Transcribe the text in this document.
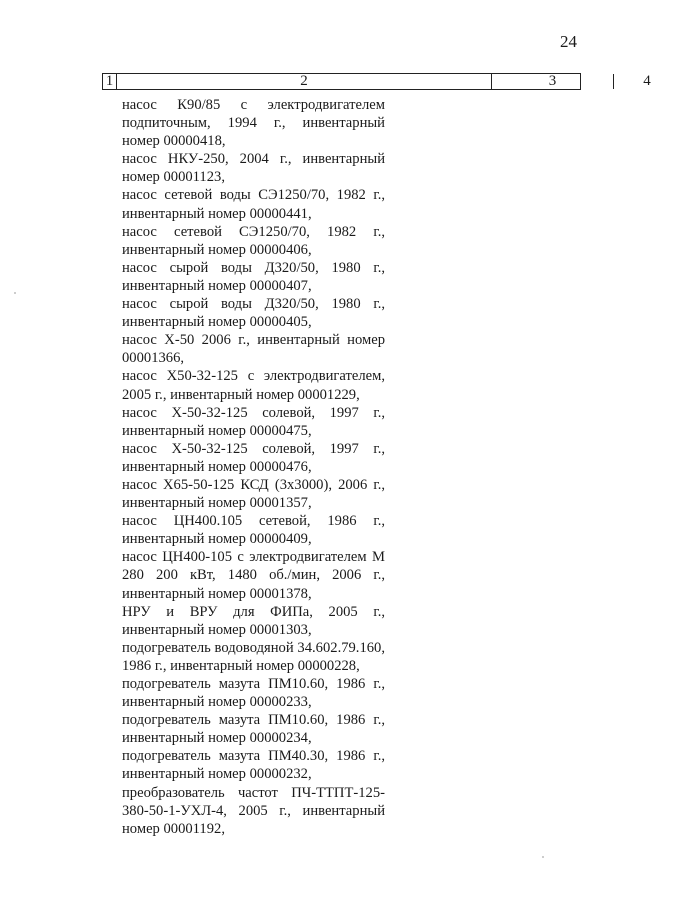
24
1	2	3	4
насос К90/85 с электродвигателем подпиточным, 1994 г., инвентарный номер 00000418,
насос НКУ-250, 2004 г., инвентарный номер 00001123,
насос сетевой воды СЭ1250/70, 1982 г., инвентарный номер 00000441,
насос сетевой СЭ1250/70, 1982 г., инвентарный номер 00000406,
насос сырой воды Д320/50, 1980 г., инвентарный номер 00000407,
насос сырой воды Д320/50, 1980 г., инвентарный номер 00000405,
насос Х-50 2006 г., инвентарный номер 00001366,
насос Х50-32-125 с электродвигателем, 2005 г., инвентарный номер 00001229,
насос Х-50-32-125 солевой, 1997 г., инвентарный номер 00000475,
насос Х-50-32-125 солевой, 1997 г., инвентарный номер 00000476,
насос Х65-50-125 КСД (3х3000), 2006 г., инвентарный номер 00001357,
насос ЦН400.105 сетевой, 1986 г., инвентарный номер 00000409,
насос ЦН400-105 с электродвигателем М 280 200 кВт, 1480 об./мин, 2006 г., инвентарный номер 00001378,
НРУ и ВРУ для ФИПа, 2005 г., инвентарный номер 00001303,
подогреватель водоводяной 34.602.79.160, 1986 г., инвентарный номер 00000228,
подогреватель мазута ПМ10.60, 1986 г., инвентарный номер 00000233,
подогреватель мазута ПМ10.60, 1986 г., инвентарный номер 00000234,
подогреватель мазута ПМ40.30, 1986 г., инвентарный номер 00000232,
преобразователь частот ПЧ-ТТПТ-125-380-50-1-УХЛ-4, 2005 г., инвентарный номер 00001192,
